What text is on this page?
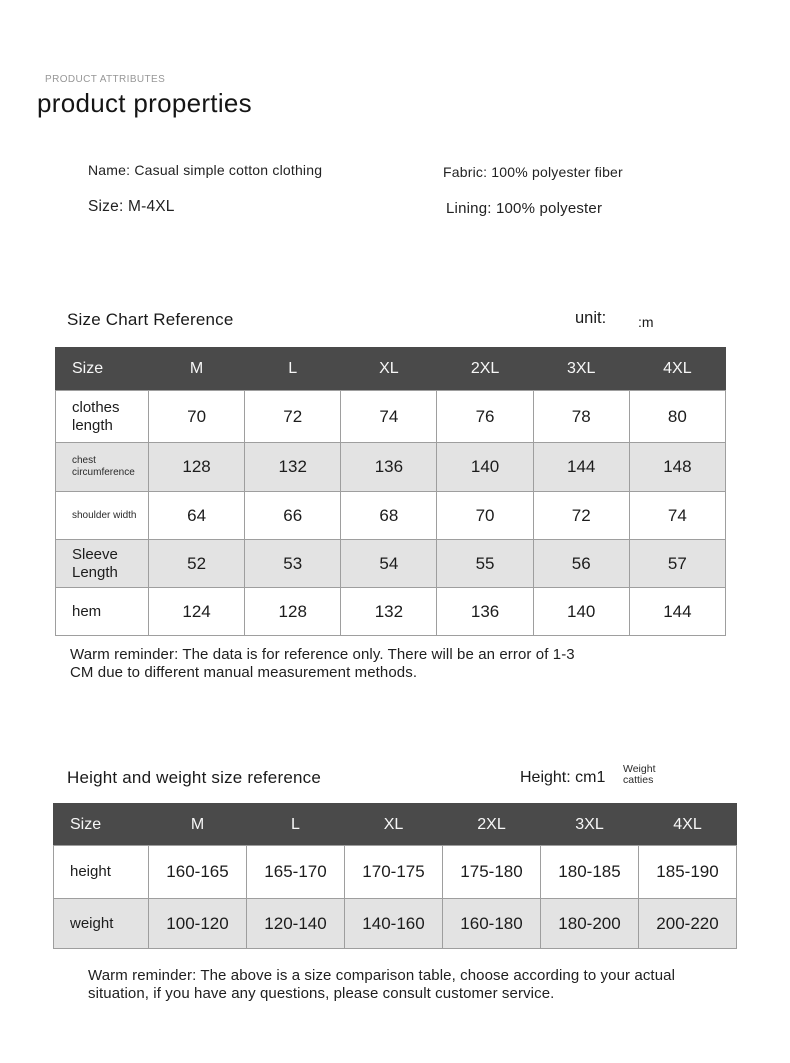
PRODUCT ATTRIBUTES
product properties
Name: Casual simple cotton clothing	Fabric: 100% polyester fiber
Size: M-4XL	Lining: 100% polyester
Size Chart Reference	unit: :m
Size	M	L	XL	2XL	3XL	4XL
clothes length	70	72	74	76	78	80
chest circumference	128	132	136	140	144	148
shoulder width	64	66	68	70	72	74
Sleeve Length	52	53	54	55	56	57
hem	124	128	132	136	140	144
Warm reminder: The data is for reference only. There will be an error of 1-3
CM due to different manual measurement methods.
Height and weight size reference	Height: cm1 Weight
catties
Size	M	L	XL	2XL	3XL	4XL
height	160-165	165-170	170-175	175-180	180-185	185-190
weight	100-120	120-140	140-160	160-180	180-200	200-220
Warm reminder: The above is a size comparison table, choose according to your actual
situation, if you have any questions, please consult customer service.
